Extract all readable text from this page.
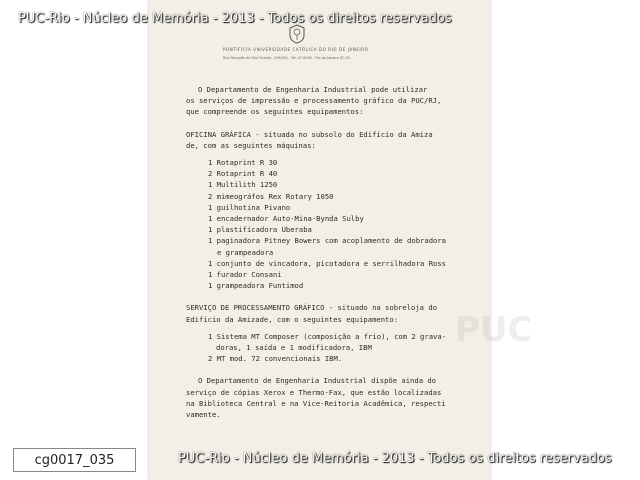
PUC
PUC-Rio - Núcleo de Memória - 2013 - Todos os direitos reservados
PONTIFÍCIA UNIVERSIDADE CATÓLICA DO RIO DE JANEIRO
Rua Marquês de São Vicente, 209/263 - Tel. 47-8000 - Rio de Janeiro ZC-20

O Departamento de Engenharia Industrial pode utilizar

os serviços de impressão e processamento gráfico da PUC/RJ,

que compreende os seguintes equipamentos:

OFICINA GRÁFICA - situada no subsolo do Edifício da Amiza

de, com as seguintes máquinas:

1 Rotaprint R 30

2 Rotaprint R 40

1 Multilith 1250

2 mimeográfos Rex Rotary 1050

1 guilhotina Pivano

1 encadernador Auto-Mina-Bynda Sulby

1 plastificadora Uberaba

1 paginadora Pitney Bowers com acoplamento de dobradora

e grampeadora

1 conjunto de vincadora, picotadora e serrilhadora Ross

1 furador Consani

1 grampeadora Funtimod

SERVIÇO DE PROCESSAMENTO GRÁFICO - situado na sobreloja do

Edifício da Amizade, com o seguintes equipamento:

1 Sistema MT Composer (composição a frio), com 2 grava-

doras, 1 saída e 1 modificadora, IBM

2 MT mod. 72 convencionais IBM.

O Departamento de Engenharia Industrial dispõe ainda do

serviço de cópias Xerox e Thermo-Fax, que estão localizadas

na Biblioteca Central e na Vice-Reitoria Acadêmica, respecti

vamente.

cg0017_035	PUC-Rio - Núcleo de Memória - 2013 - Todos os direitos reservados
